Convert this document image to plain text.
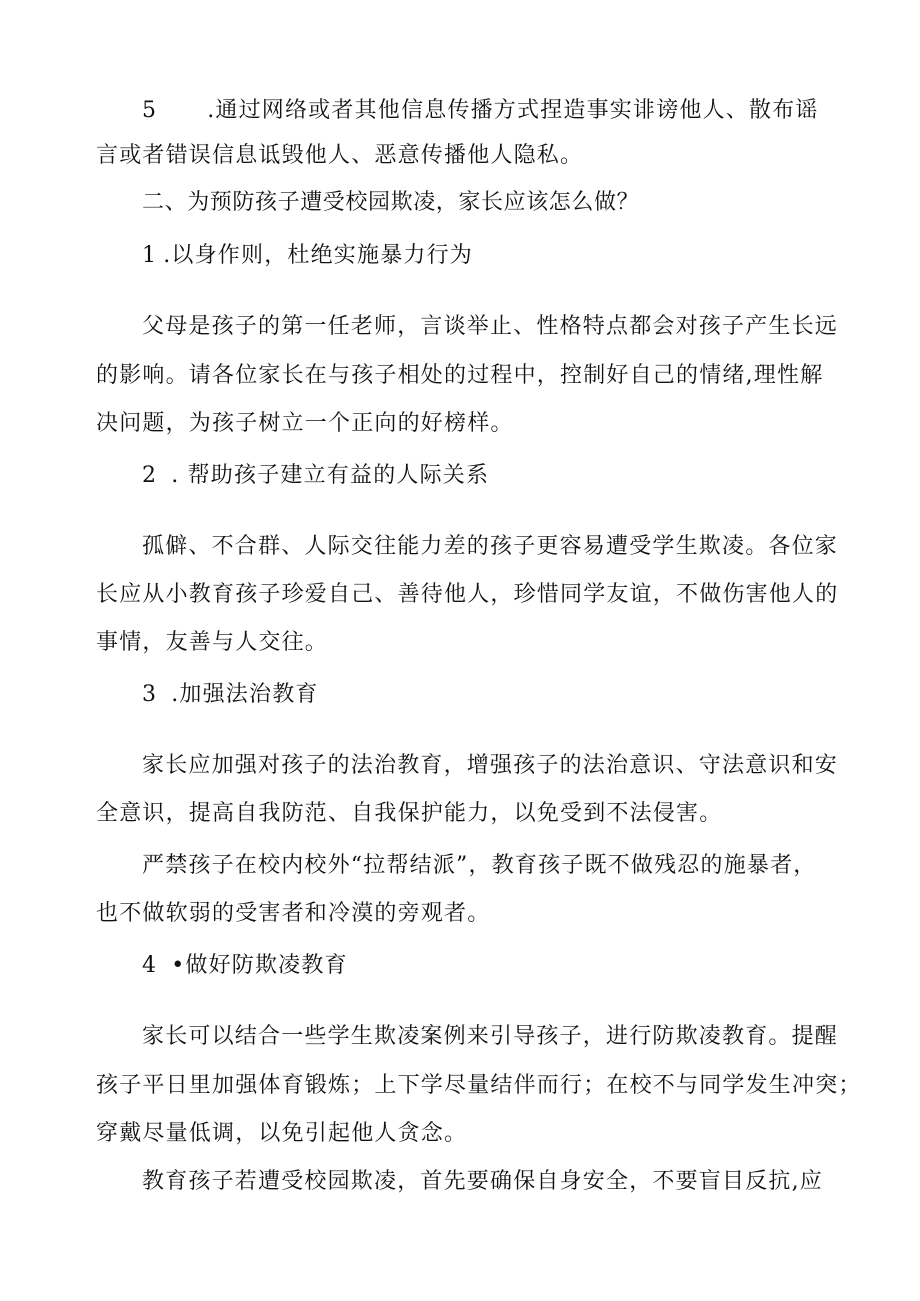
5 .通过网络或者其他信息传播方式捏造事实诽谤他人、散布谣
言或者错误信息诋毁他人、恶意传播他人隐私。
二、为预防孩子遭受校园欺凌，家长应该怎么做？
1 .以身作则，杜绝实施暴力行为
父母是孩子的第一任老师，言谈举止、性格特点都会对孩子产生长远
的影响。请各位家长在与孩子相处的过程中，控制好自己的情绪,理性解
决问题，为孩子树立一个正向的好榜样。
2 . 帮助孩子建立有益的人际关系
孤僻、不合群、人际交往能力差的孩子更容易遭受学生欺凌。各位家
长应从小教育孩子珍爱自己、善待他人，珍惜同学友谊，不做伤害他人的
事情，友善与人交往。
3 .加强法治教育
家长应加强对孩子的法治教育，增强孩子的法治意识、守法意识和安
全意识，提高自我防范、自我保护能力，以免受到不法侵害。
严禁孩子在校内校外“拉帮结派”，教育孩子既不做残忍的施暴者，
也不做软弱的受害者和冷漠的旁观者。
4 •做好防欺凌教育
家长可以结合一些学生欺凌案例来引导孩子，进行防欺凌教育。提醒
孩子平日里加强体育锻炼；上下学尽量结伴而行；在校不与同学发生冲突；
穿戴尽量低调，以免引起他人贪念。
教育孩子若遭受校园欺凌，首先要确保自身安全，不要盲目反抗,应
